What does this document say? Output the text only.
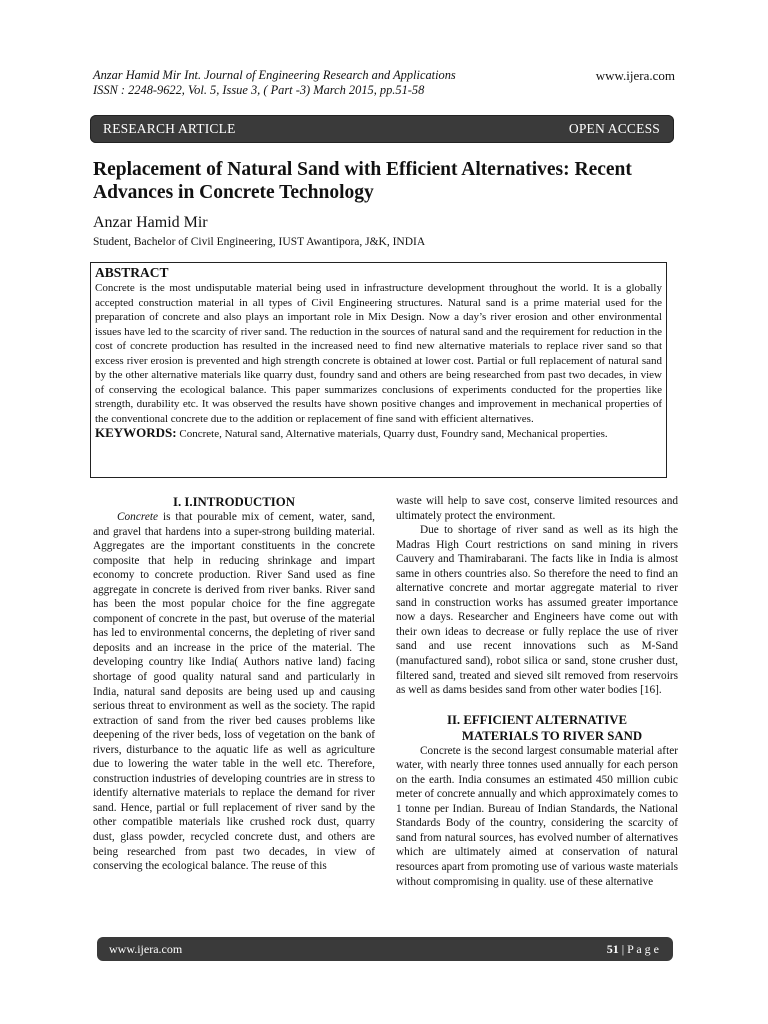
Anzar Hamid Mir Int. Journal of Engineering Research and Applications
ISSN : 2248-9622, Vol. 5, Issue 3, ( Part -3) March 2015, pp.51-58
www.ijera.com
RESEARCH ARTICLE	OPEN ACCESS
Replacement of Natural Sand with Efficient Alternatives: Recent Advances in Concrete Technology
Anzar Hamid Mir
Student, Bachelor of Civil Engineering, IUST Awantipora, J&K, INDIA
ABSTRACT

Concrete is the most undisputable material being used in infrastructure development throughout the world. It is a globally accepted construction material in all types of Civil Engineering structures. Natural sand is a prime material used for the preparation of concrete and also plays an important role in Mix Design. Now a day’s river erosion and other environmental issues have led to the scarcity of river sand. The reduction in the sources of natural sand and the requirement for reduction in the cost of concrete production has resulted in the increased need to find new alternative materials to replace river sand so that excess river erosion is prevented and high strength concrete is obtained at lower cost. Partial or full replacement of natural sand by the other alternative materials like quarry dust, foundry sand and others are being researched from past two decades, in view of conserving the ecological balance. This paper summarizes conclusions of experiments conducted for the properties like strength, durability etc. It was observed the results have shown positive changes and improvement in mechanical properties of the conventional concrete due to the addition or replacement of fine sand with efficient alternatives.

KEYWORDS: Concrete, Natural sand, Alternative materials, Quarry dust, Foundry sand, Mechanical properties.

I. I.INTRODUCTION

Concrete is that pourable mix of cement, water, sand, and gravel that hardens into a super-strong building material. Aggregates are the important constituents in the concrete composite that help in reducing shrinkage and impart economy to concrete production. River Sand used as fine aggregate in concrete is derived from river banks. River sand has been the most popular choice for the fine aggregate component of concrete in the past, but overuse of the material has led to environmental concerns, the depleting of river sand deposits and an increase in the price of the material. The developing country like India( Authors native land) facing shortage of good quality natural sand and particularly in India, natural sand deposits are being used up and causing serious threat to environment as well as the society. The rapid extraction of sand from the river bed causes problems like deepening of the river beds, loss of vegetation on the bank of rivers, disturbance to the aquatic life as well as agriculture due to lowering the water table in the well etc. Therefore, construction industries of developing countries are in stress to identify alternative materials to replace the demand for river sand. Hence, partial or full replacement of river sand by the other compatible materials like crushed rock dust, quarry dust, glass powder, recycled concrete dust, and others are being researched from past two decades, in view of conserving the ecological balance. The reuse of this

waste will help to save cost, conserve limited resources and ultimately protect the environment.

Due to shortage of river sand as well as its high the Madras High Court restrictions on sand mining in rivers Cauvery and Thamirabarani. The facts like in India is almost same in others countries also. So therefore the need to find an alternative concrete and mortar aggregate material to river sand in construction works has assumed greater importance now a days. Researcher and Engineers have come out with their own ideas to decrease or fully replace the use of river sand and use recent innovations such as M-Sand (manufactured sand), robot silica or sand, stone crusher dust, filtered sand, treated and sieved silt removed from reservoirs as well as dams besides sand from other water bodies [16].

II. EFFICIENT ALTERNATIVE

MATERIALS TO RIVER SAND

Concrete is the second largest consumable material after water, with nearly three tonnes used annually for each person on the earth. India consumes an estimated 450 million cubic meter of concrete annually and which approximately comes to 1 tonne per Indian. Bureau of Indian Standards, the National Standards Body of the country, considering the scarcity of sand from natural sources, has evolved number of alternatives which are ultimately aimed at conservation of natural resources apart from promoting use of various waste materials without compromising in quality. use of these alternative

www.ijera.com	51 | P a g e
